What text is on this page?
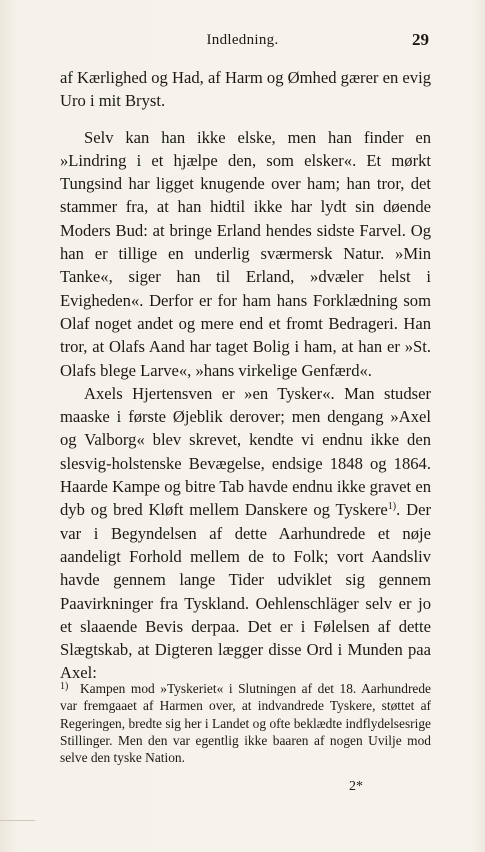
Indledning.	29

af Kærlighed og Had, af Harm og Ømhed gærer en evig Uro i mit Bryst.

Selv kan han ikke elske, men han finder en »Lindring i et hjælpe den, som elsker«. Et mørkt Tungsind har ligget knugende over ham; han tror, det stammer fra, at han hidtil ikke har lydt sin døende Moders Bud: at bringe Erland hendes sidste Farvel. Og han er tillige en underlig sværmersk Natur. »Min Tanke«, siger han til Erland, »dvæler helst i Evigheden«. Derfor er for ham hans Forklædning som Olaf noget andet og mere end et fromt Bedrageri. Han tror, at Olafs Aand har taget Bolig i ham, at han er »St. Olafs blege Larve«, »hans virkelige Genfærd«.

Axels Hjertensven er »en Tysker«. Man studser maaske i første Øjeblik derover; men dengang »Axel og Valborg« blev skrevet, kendte vi endnu ikke den slesvig-holstenske Bevægelse, endsige 1848 og 1864. Haarde Kampe og bitre Tab havde endnu ikke gravet en dyb og bred Kløft mellem Danskere og Tyskere$^{1)}$. Der var i Begyndelsen af dette Aarhundrede et nøje aandeligt Forhold mellem de to Folk; vort Aandsliv havde gennem lange Tider udviklet sig gennem Paavirkninger fra Tyskland. Oehlenschläger selv er jo et slaaende Bevis derpaa. Det er i Følelsen af dette Slægtskab, at Digteren lægger disse Ord i Munden paa Axel:

1) Kampen mod »Tyskeriet« i Slutningen af det 18. Aarhundrede var fremgaaet af Harmen over, at indvandrede Tyskere, støttet af Regeringen, bredte sig her i Landet og ofte beklædte indflydelsesrige Stillinger. Men den var egentlig ikke baaren af nogen Uvilje mod selve den tyske Nation.

2*
